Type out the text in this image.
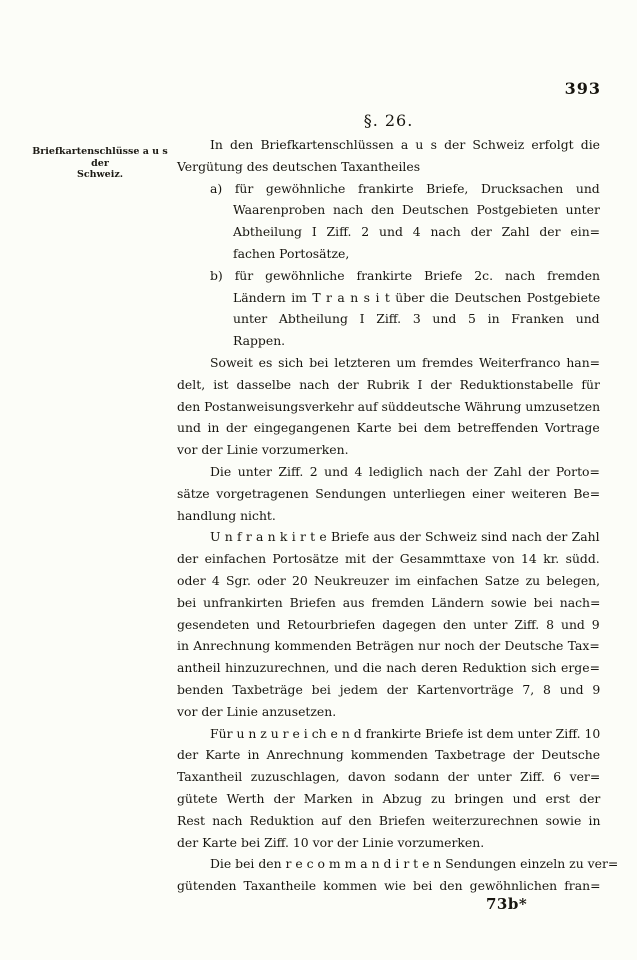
393
§. 26.
Briefkartenschlüsse a u s der
Schweiz.
In den Briefkartenschlüssen a u s der Schweiz erfolgt die
Vergütung des deutschen Taxantheiles
a) für gewöhnliche frankirte Briefe, Drucksachen und
Waarenproben nach den Deutschen Postgebieten unter
Abtheilung I Ziff. 2 und 4 nach der Zahl der ein=
fachen Portosätze,
b) für gewöhnliche frankirte Briefe 2c. nach fremden
Ländern im T r a n s i t über die Deutschen Postgebiete
unter Abtheilung I Ziff. 3 und 5 in Franken und
Rappen.
Soweit es sich bei letzteren um fremdes Weiterfranco han=
delt, ist dasselbe nach der Rubrik I der Reduktionstabelle für
den Postanweisungsverkehr auf süddeutsche Währung umzusetzen
und in der eingegangenen Karte bei dem betreffenden Vortrage
vor der Linie vorzumerken.
Die unter Ziff. 2 und 4 lediglich nach der Zahl der Porto=
sätze vorgetragenen Sendungen unterliegen einer weiteren Be=
handlung nicht.
U n f r a n k i r t e Briefe aus der Schweiz sind nach der Zahl
der einfachen Portosätze mit der Gesammttaxe von 14 kr. südd.
oder 4 Sgr. oder 20 Neukreuzer im einfachen Satze zu belegen,
bei unfrankirten Briefen aus fremden Ländern sowie bei nach=
gesendeten und Retourbriefen dagegen den unter Ziff. 8 und 9
in Anrechnung kommenden Beträgen nur noch der Deutsche Tax=
antheil hinzuzurechnen, und die nach deren Reduktion sich erge=
benden Taxbeträge bei jedem der Kartenvorträge 7, 8 und 9
vor der Linie anzusetzen.
Für u n z u r e i ch e n d frankirte Briefe ist dem unter Ziff. 10
der Karte in Anrechnung kommenden Taxbetrage der Deutsche
Taxantheil zuzuschlagen, davon sodann der unter Ziff. 6 ver=
gütete Werth der Marken in Abzug zu bringen und erst der
Rest nach Reduktion auf den Briefen weiterzurechnen sowie in
der Karte bei Ziff. 10 vor der Linie vorzumerken.
Die bei den r e c o m m a n d i r t e n Sendungen einzeln zu ver=
gütenden Taxantheile kommen wie bei den gewöhnlichen fran=
73b*
